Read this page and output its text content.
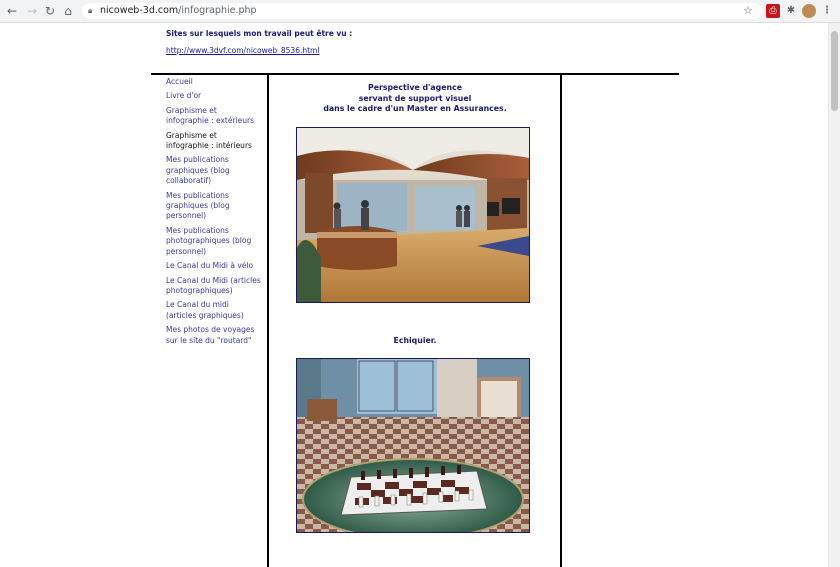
← → ↻ ⌂	🔒︎ nicoweb-3d.com/infographie.php	☆	⎙	✱	⋮
Sites sur lesquels mon travail peut être vu :
http://www.3dvf.com/nicoweb_8536.html
Accueil
Livre d'or
Graphisme et infographie : extérieurs
Graphisme et infographie : intérieurs
Mes publications graphiques (blog collaboratif)
Mes publications graphiques (blog personnel)
Mes publications photographiques (blog personnel)
Le Canal du Midi à vélo
Le Canal du Midi (articles photographiques)
Le Canal du midi (articles graphiques)
Mes photos de voyages sur le site du "routard"
Perspective d'agence
servant de support visuel
dans le cadre d'un Master en Assurances.
Echiquier.
